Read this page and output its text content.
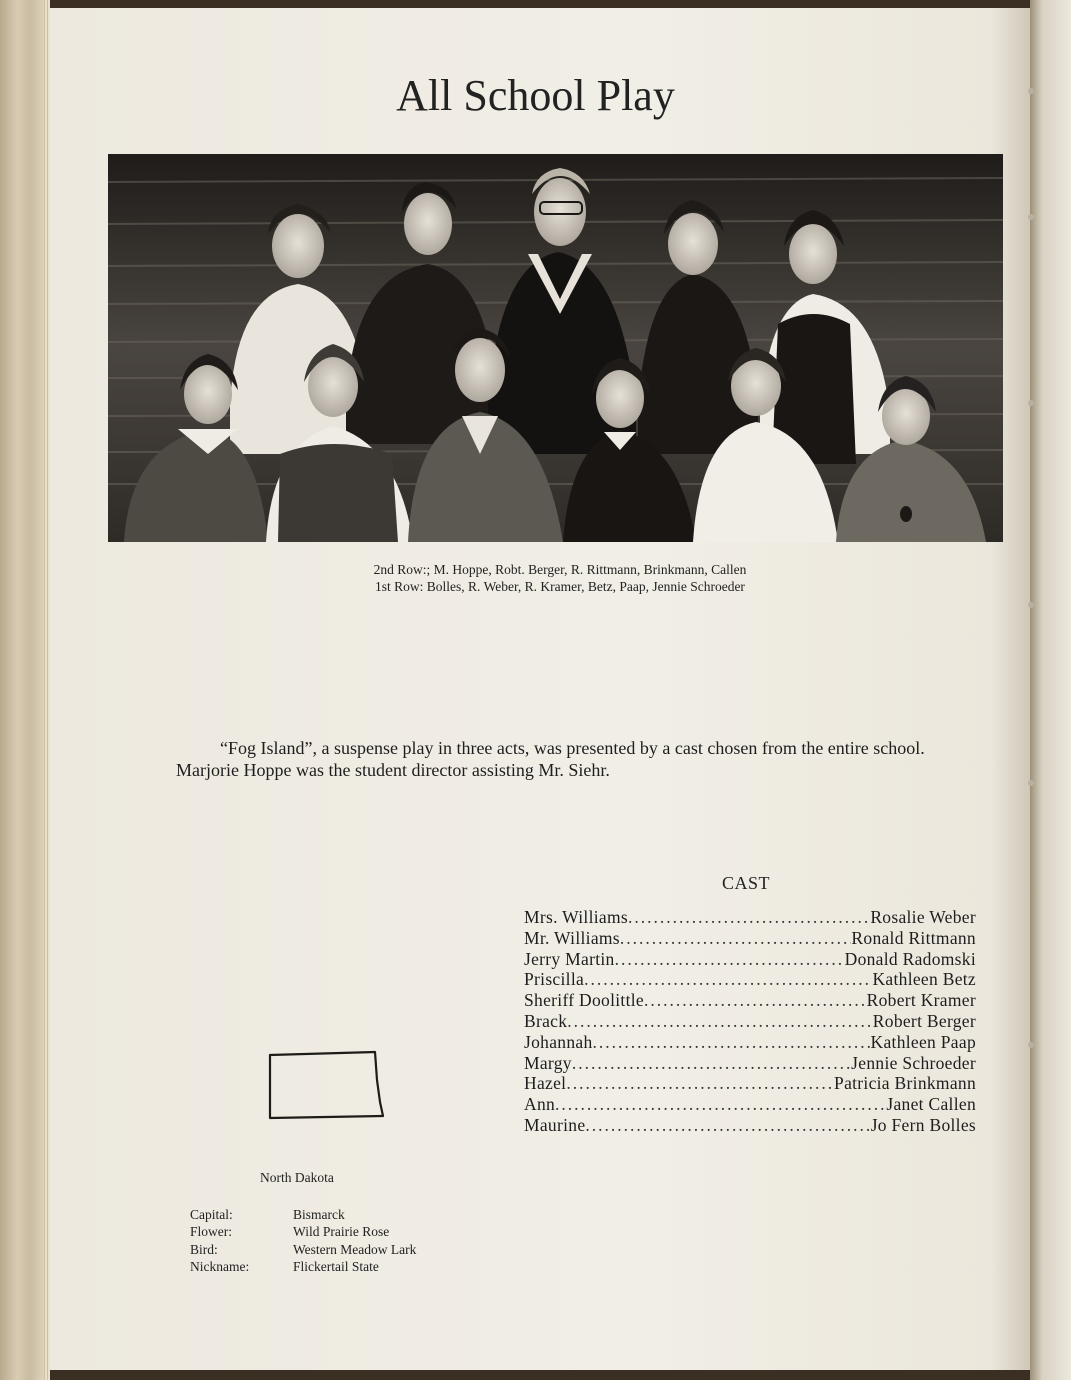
All School Play
2nd Row:; M. Hoppe, Robt. Berger, R. Rittmann, Brinkmann, Callen
1st Row: Bolles, R. Weber, R. Kramer, Betz, Paap, Jennie Schroeder

“Fog Island”, a suspense play in three acts, was presented by a cast chosen from the entire school. Marjorie Hoppe was the student director assisting Mr. Siehr.

CAST
Mrs. Williams .....	Rosalie Weber
Mr. Williams .....	Ronald Rittmann
Jerry Martin .....	Donald Radomski
Priscilla .....	Kathleen Betz
Sheriff Doolittle .....	Robert Kramer
Brack .....	Robert Berger
Johannah .....	Kathleen Paap
Margy .....	Jennie Schroeder
Hazel .....	Patricia Brinkmann
Ann .....	Janet Callen
Maurine .....	Jo Fern Bolles
North Dakota
Capital:	Bismarck
Flower:	Wild Prairie Rose
Bird:	Western Meadow Lark
Nickname:	Flickertail State
